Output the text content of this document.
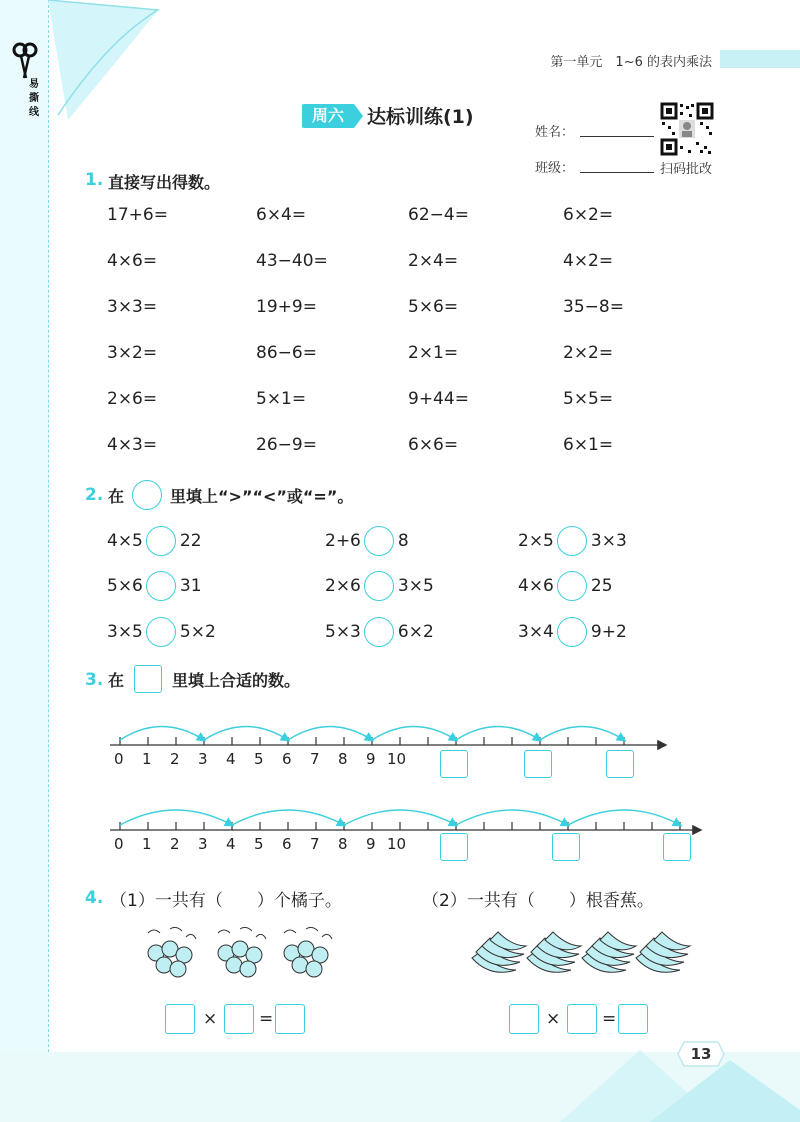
易撕线
第一单元　1~6 的表内乘法
周六	达标训练(1)
姓名：
班级：	扫码批改
1. 直接写出得数。
17+6=	6×4=	62−4=	6×2=
4×6=	43−40=	2×4=	4×2=
3×3=	19+9=	5×6=	35−8=
3×2=	86−6=	2×1=	2×2=
2×6=	5×1=	9+44=	5×5=
4×3=	26−9=	6×6=	6×1=
2. 在	里填上“>”“<”或“=”。
4×5 22	2+6 8	2×5 3×3
5×6 31	2×6 3×5	4×6 25
3×5 5×2	5×3 6×2	3×4 9+2
3. 在	里填上合适的数。
0 1 2 3 4 5 6 7 8 9 10
0 1 2 3 4 5 6 7 8 9 10
4. （1）一共有（　　）个橘子。	（2）一共有（　　）根香蕉。
× =	× =
13
